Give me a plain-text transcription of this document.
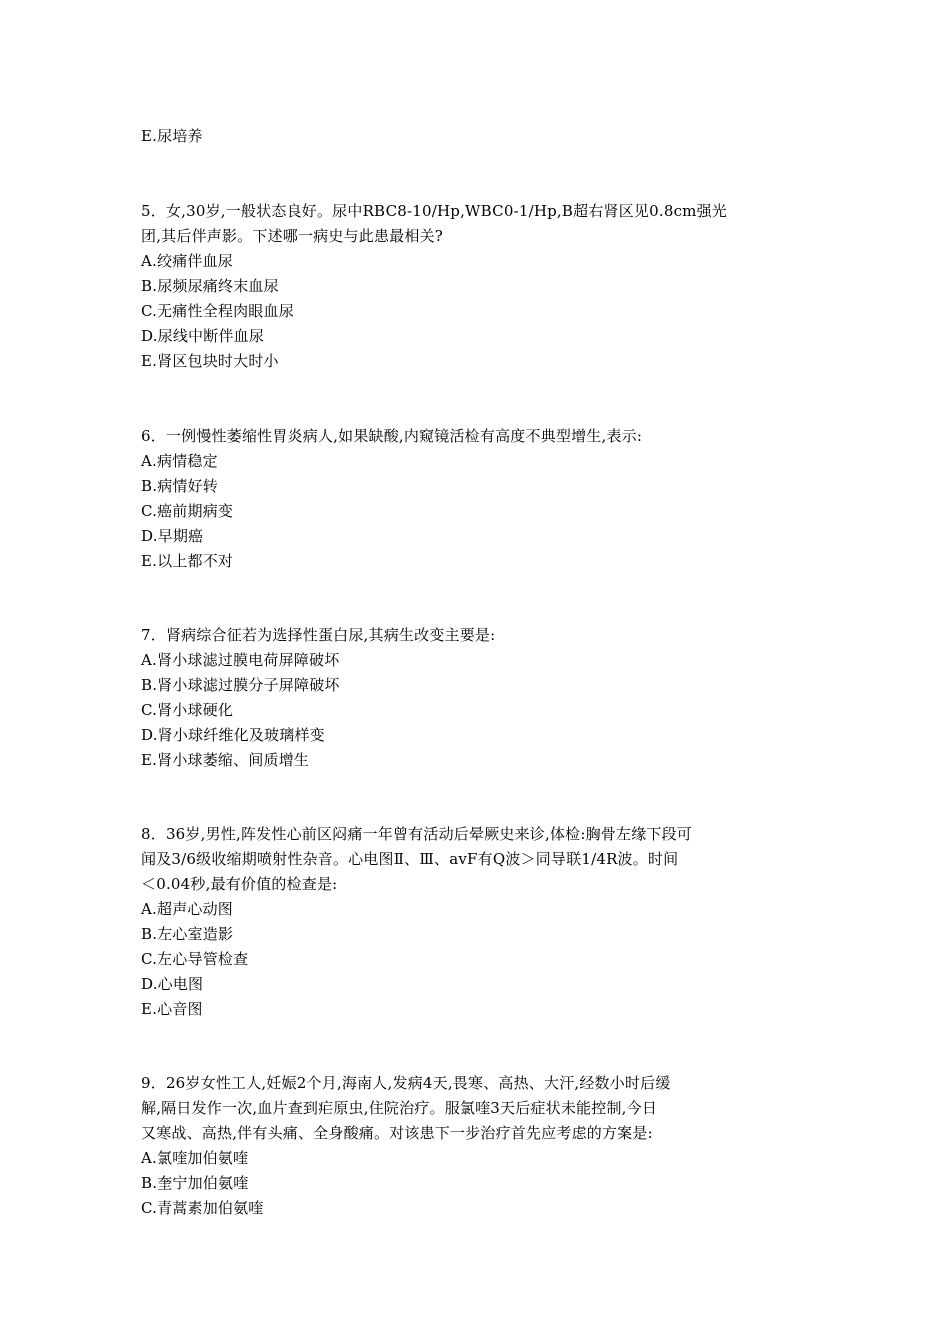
E.尿培养
5．女,30岁,一般状态良好。尿中RBC8-10/Hp,WBC0-1/Hp,B超右肾区见0.8cm强光
团,其后伴声影。下述哪一病史与此患最相关?
A.绞痛伴血尿
B.尿频尿痛终末血尿
C.无痛性全程肉眼血尿
D.尿线中断伴血尿
E.肾区包块时大时小
6．一例慢性萎缩性胃炎病人,如果缺酸,内窥镜活检有高度不典型增生,表示:
A.病情稳定
B.病情好转
C.癌前期病变
D.早期癌
E.以上都不对
7．肾病综合征若为选择性蛋白尿,其病生改变主要是:
A.肾小球滤过膜电荷屏障破坏
B.肾小球滤过膜分子屏障破坏
C.肾小球硬化
D.肾小球纤维化及玻璃样变
E.肾小球萎缩、间质增生
8．36岁,男性,阵发性心前区闷痛一年曾有活动后晕厥史来诊,体检:胸骨左缘下段可
闻及3/6级收缩期喷射性杂音。心电图Ⅱ、Ⅲ、avF有Q波＞同导联1/4R波。时间
＜0.04秒,最有价值的检查是:
A.超声心动图
B.左心室造影
C.左心导管检查
D.心电图
E.心音图
9．26岁女性工人,妊娠2个月,海南人,发病4天,畏寒、高热、大汗,经数小时后缓
解,隔日发作一次,血片查到疟原虫,住院治疗。服氯喹3天后症状未能控制,今日
又寒战、高热,伴有头痛、全身酸痛。对该患下一步治疗首先应考虑的方案是:
A.氯喹加伯氨喹
B.奎宁加伯氨喹
C.青蒿素加伯氨喹
